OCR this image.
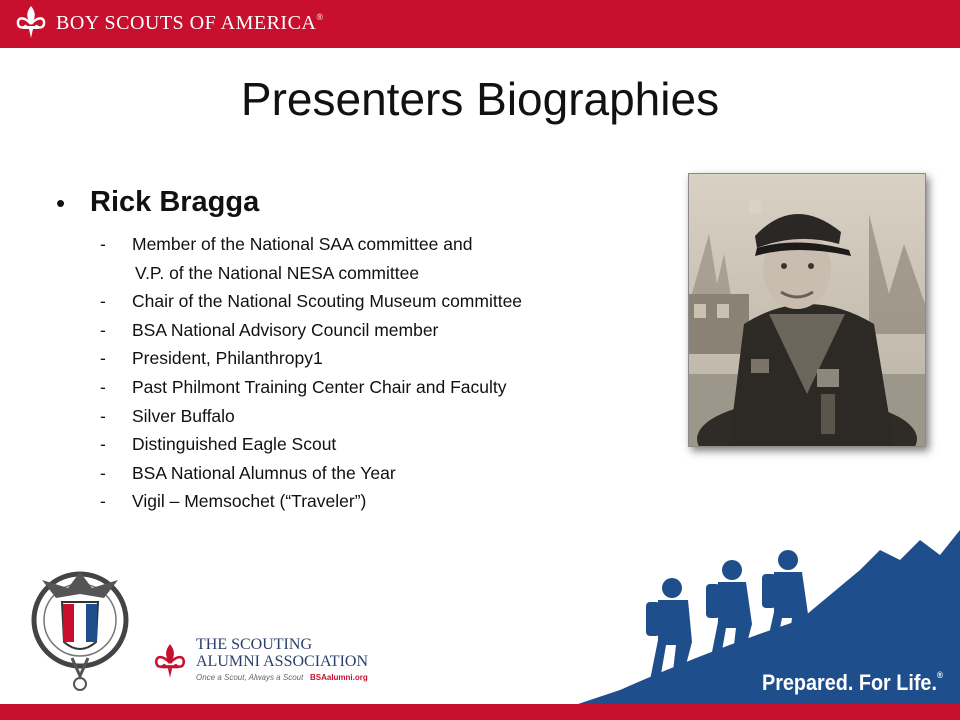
BOY SCOUTS OF AMERICA®
Presenters Biographies
• Rick Bragga
- Member of the National SAA committee and
V.P. of the National NESA committee
- Chair of the National Scouting Museum committee
- BSA National Advisory Council member
- President, Philanthropy1
- Past Philmont Training Center Chair and Faculty
- Silver Buffalo
- Distinguished Eagle Scout
- BSA National Alumnus of the Year
- Vigil – Memsochet (“Traveler”)
THE SCOUTING
ALUMNI ASSOCIATION
Once a Scout, Always a Scout BSAalumni.org	Prepared. For Life.®
